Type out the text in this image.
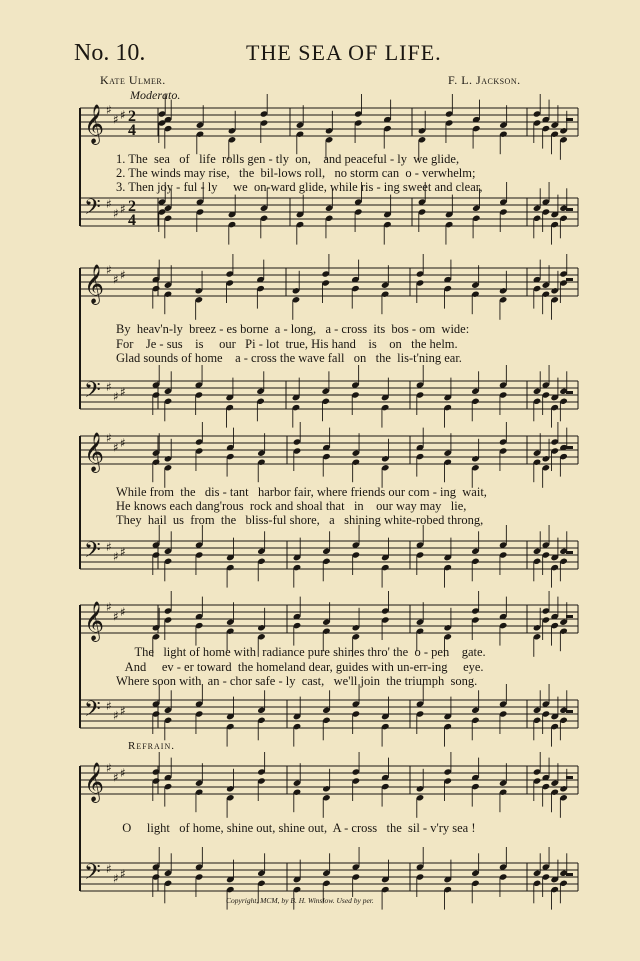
No. 10.	THE SEA OF LIFE.
Kate Ulmer.	F. L. Jackson.
Moderato.
𝄞
𝄢
♯
♯
♯
♯
♯
♯
2
2
4
4
𝄞
𝄢
♯
♯
♯
♯
♯
♯
𝄞
𝄢
♯
♯
♯
♯
♯
♯
𝄞
𝄢
♯
♯
♯
♯
♯
♯
𝄞
𝄢
♯
♯
♯
♯
♯
♯
1. The  sea   of   life  rolls gen - tly  on,    and peaceful - ly  we glide,
2. The winds may rise,   the  bil-lows roll,   no storm can  o - verwhelm;
3. Then joy - ful - ly     we  on-ward glide, while ris - ing sweet and clear,
By  heav'n-ly  breez - es borne  a - long,   a - cross  its  bos - om  wide:
For    Je - sus    is     our   Pi - lot  true, His hand    is    on   the helm.
Glad sounds of home    a - cross the wave fall   on   the  lis-t'ning ear.
While from  the   dis - tant   harbor fair, where friends our com - ing  wait,
He knows each dang'rous  rock and shoal that   in    our way may   lie,
They  hail  us  from  the   bliss-ful shore,   a   shining white-robed throng,
The   light of home with  radiance pure shines thro' the  o - pen    gate.
And     ev - er toward  the homeland dear, guides with un-err-ing     eye.
Where soon with  an - chor safe - ly  cast,   we'll join  the triumph  song.
Refrain.
O     light   of home, shine out, shine out,  A - cross   the  sil - v'ry sea !
Copyright, MCM, by B. H. Winslow. Used by per.
